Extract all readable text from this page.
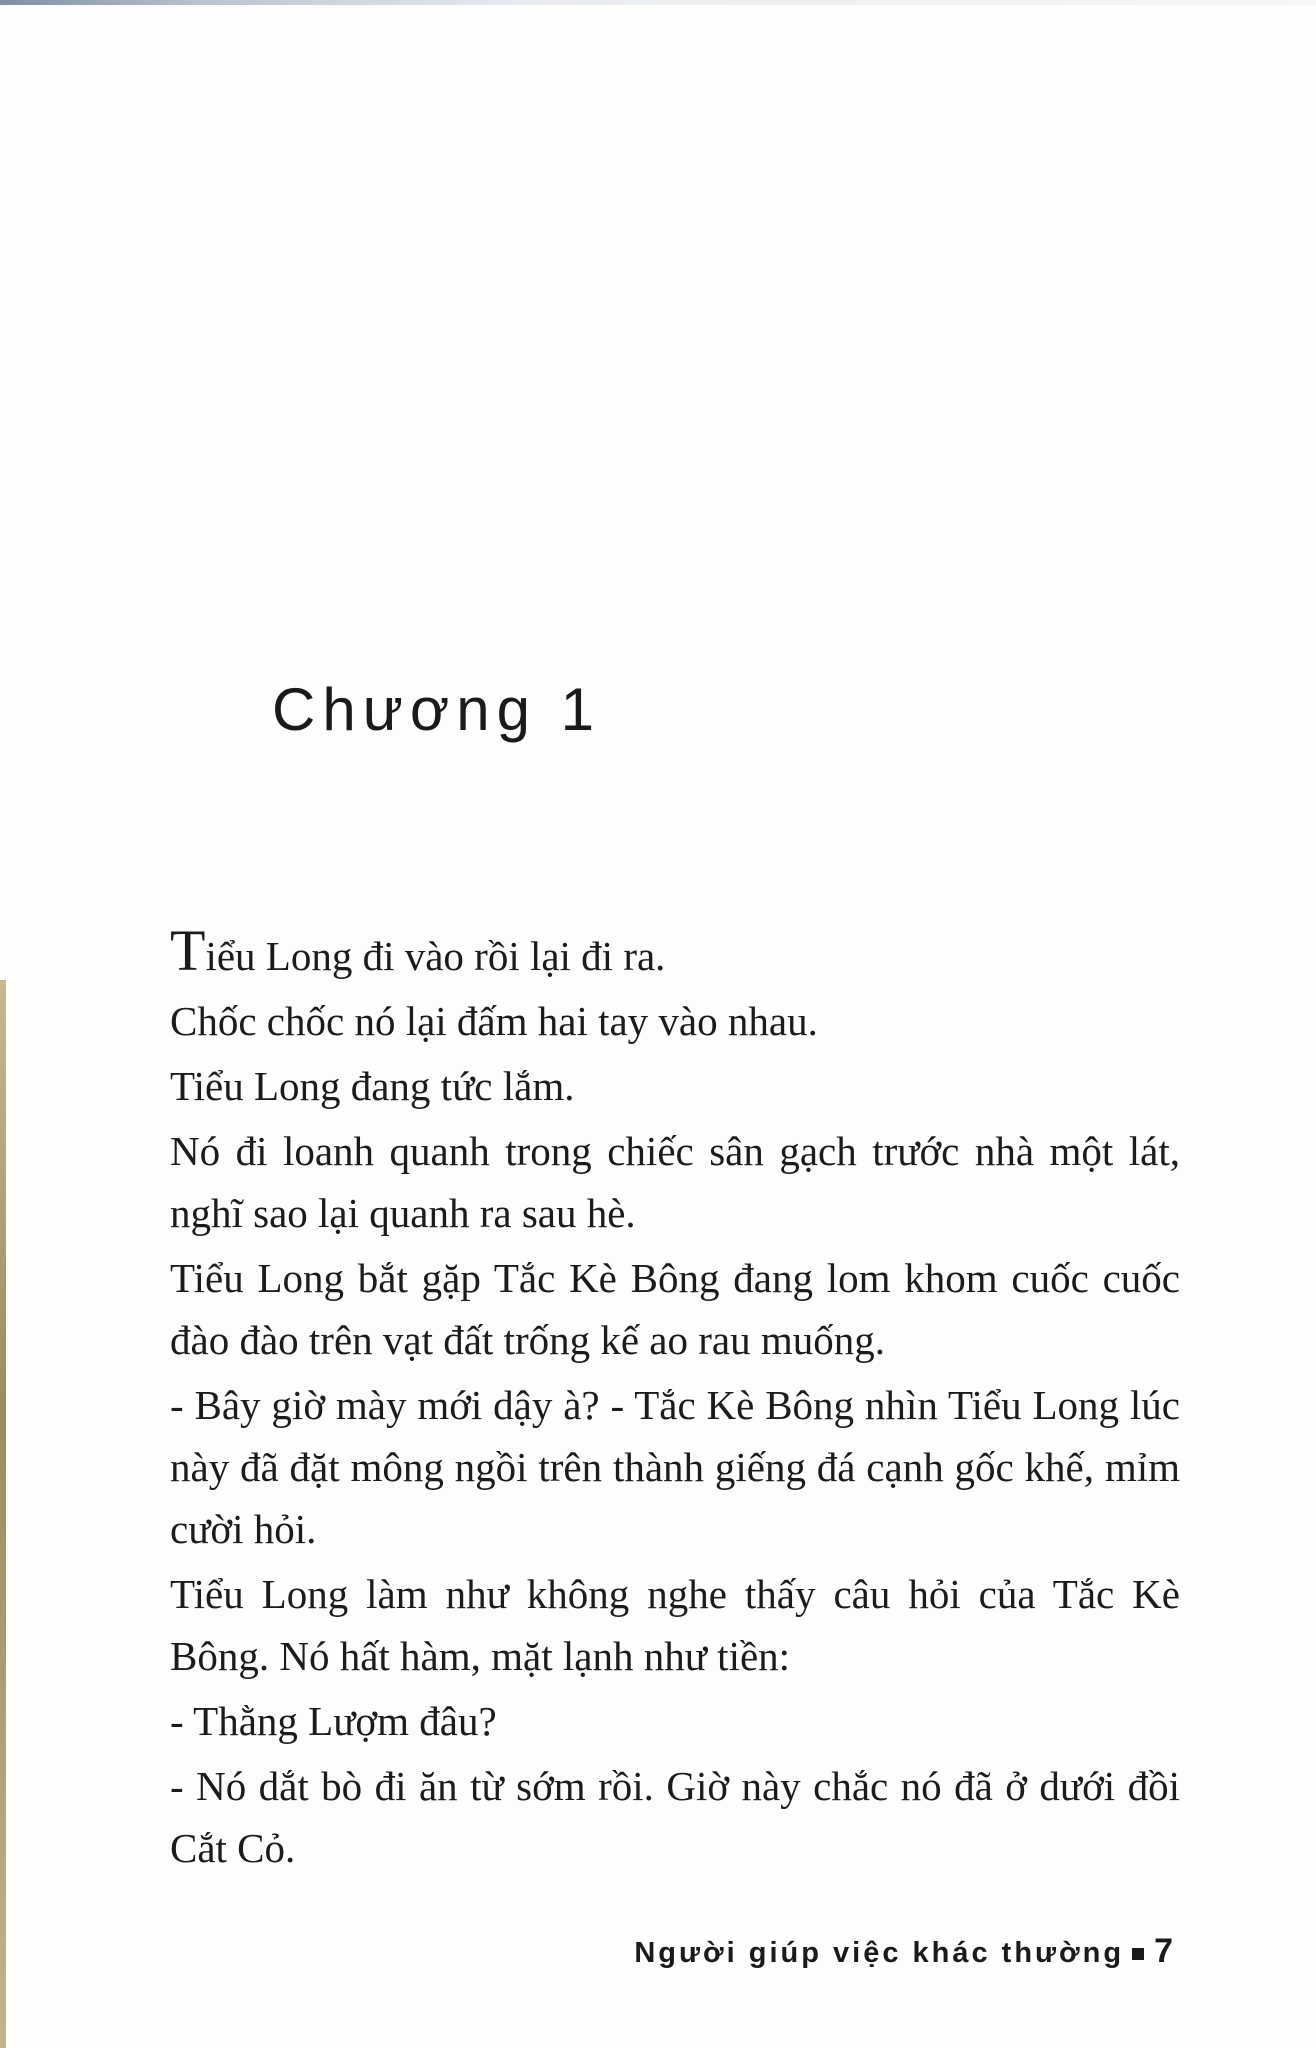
Chương 1

Tiểu Long đi vào rồi lại đi ra.

Chốc chốc nó lại đấm hai tay vào nhau.

Tiểu Long đang tức lắm.

Nó đi loanh quanh trong chiếc sân gạch trước nhà một lát, nghĩ sao lại quanh ra sau hè.

Tiểu Long bắt gặp Tắc Kè Bông đang lom khom cuốc cuốc đào đào trên vạt đất trống kế ao rau muống.

- Bây giờ mày mới dậy à? - Tắc Kè Bông nhìn Tiểu Long lúc này đã đặt mông ngồi trên thành giếng đá cạnh gốc khế, mỉm cười hỏi.

Tiểu Long làm như không nghe thấy câu hỏi của Tắc Kè Bông. Nó hất hàm, mặt lạnh như tiền:

- Thằng Lượm đâu?

- Nó dắt bò đi ăn từ sớm rồi. Giờ này chắc nó đã ở dưới đồi Cắt Cỏ.

Người giúp việc khác thường 7
